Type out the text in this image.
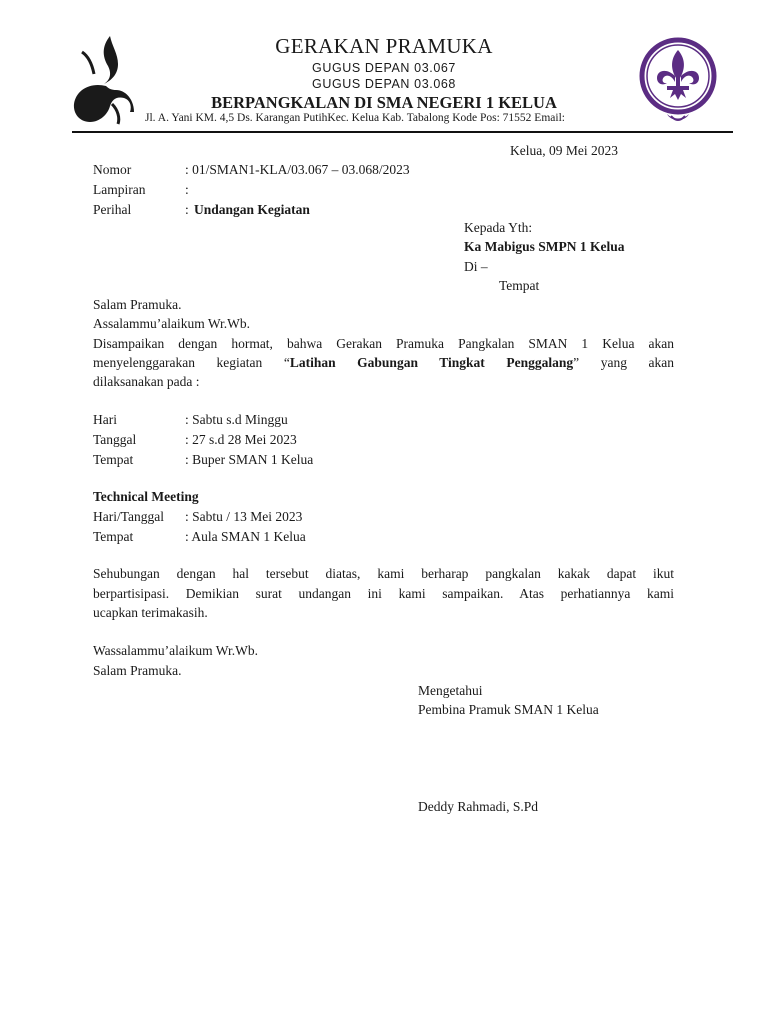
GERAKAN PRAMUKA
GUGUS DEPAN 03.067
GUGUS DEPAN 03.068
BERPANGKALAN DI SMA NEGERI 1 KELUA
Jl. A. Yani KM. 4,5 Ds. Karangan PutihKec. Kelua Kab. Tabalong Kode Pos: 71552 Email:
Kelua, 09 Mei 2023
Nomor	: 01/SMAN1-KLA/03.067 – 03.068/2023
Lampiran	:
Perihal	: Undangan Kegiatan
Kepada Yth:
Ka Mabigus SMPN 1 Kelua
Di –
Tempat
Salam Pramuka.
Assalammu’alaikum Wr.Wb.
Disampaikan dengan hormat, bahwa Gerakan Pramuka Pangkalan SMAN 1 Kelua akan
menyelenggarakan kegiatan “Latihan Gabungan Tingkat Penggalang” yang akan
dilaksanakan pada :
Hari	: Sabtu s.d Minggu
Tanggal	: 27 s.d 28 Mei 2023
Tempat	: Buper SMAN 1 Kelua
Technical Meeting
Hari/Tanggal : Sabtu / 13 Mei 2023
Tempat	: Aula SMAN 1 Kelua
Sehubungan dengan hal tersebut diatas, kami berharap pangkalan kakak dapat ikut
berpartisipasi. Demikian surat undangan ini kami sampaikan. Atas perhatiannya kami
ucapkan terimakasih.
Wassalammu’alaikum Wr.Wb.
Salam Pramuka.
Mengetahui
Pembina Pramuk SMAN 1 Kelua
Deddy Rahmadi, S.Pd
